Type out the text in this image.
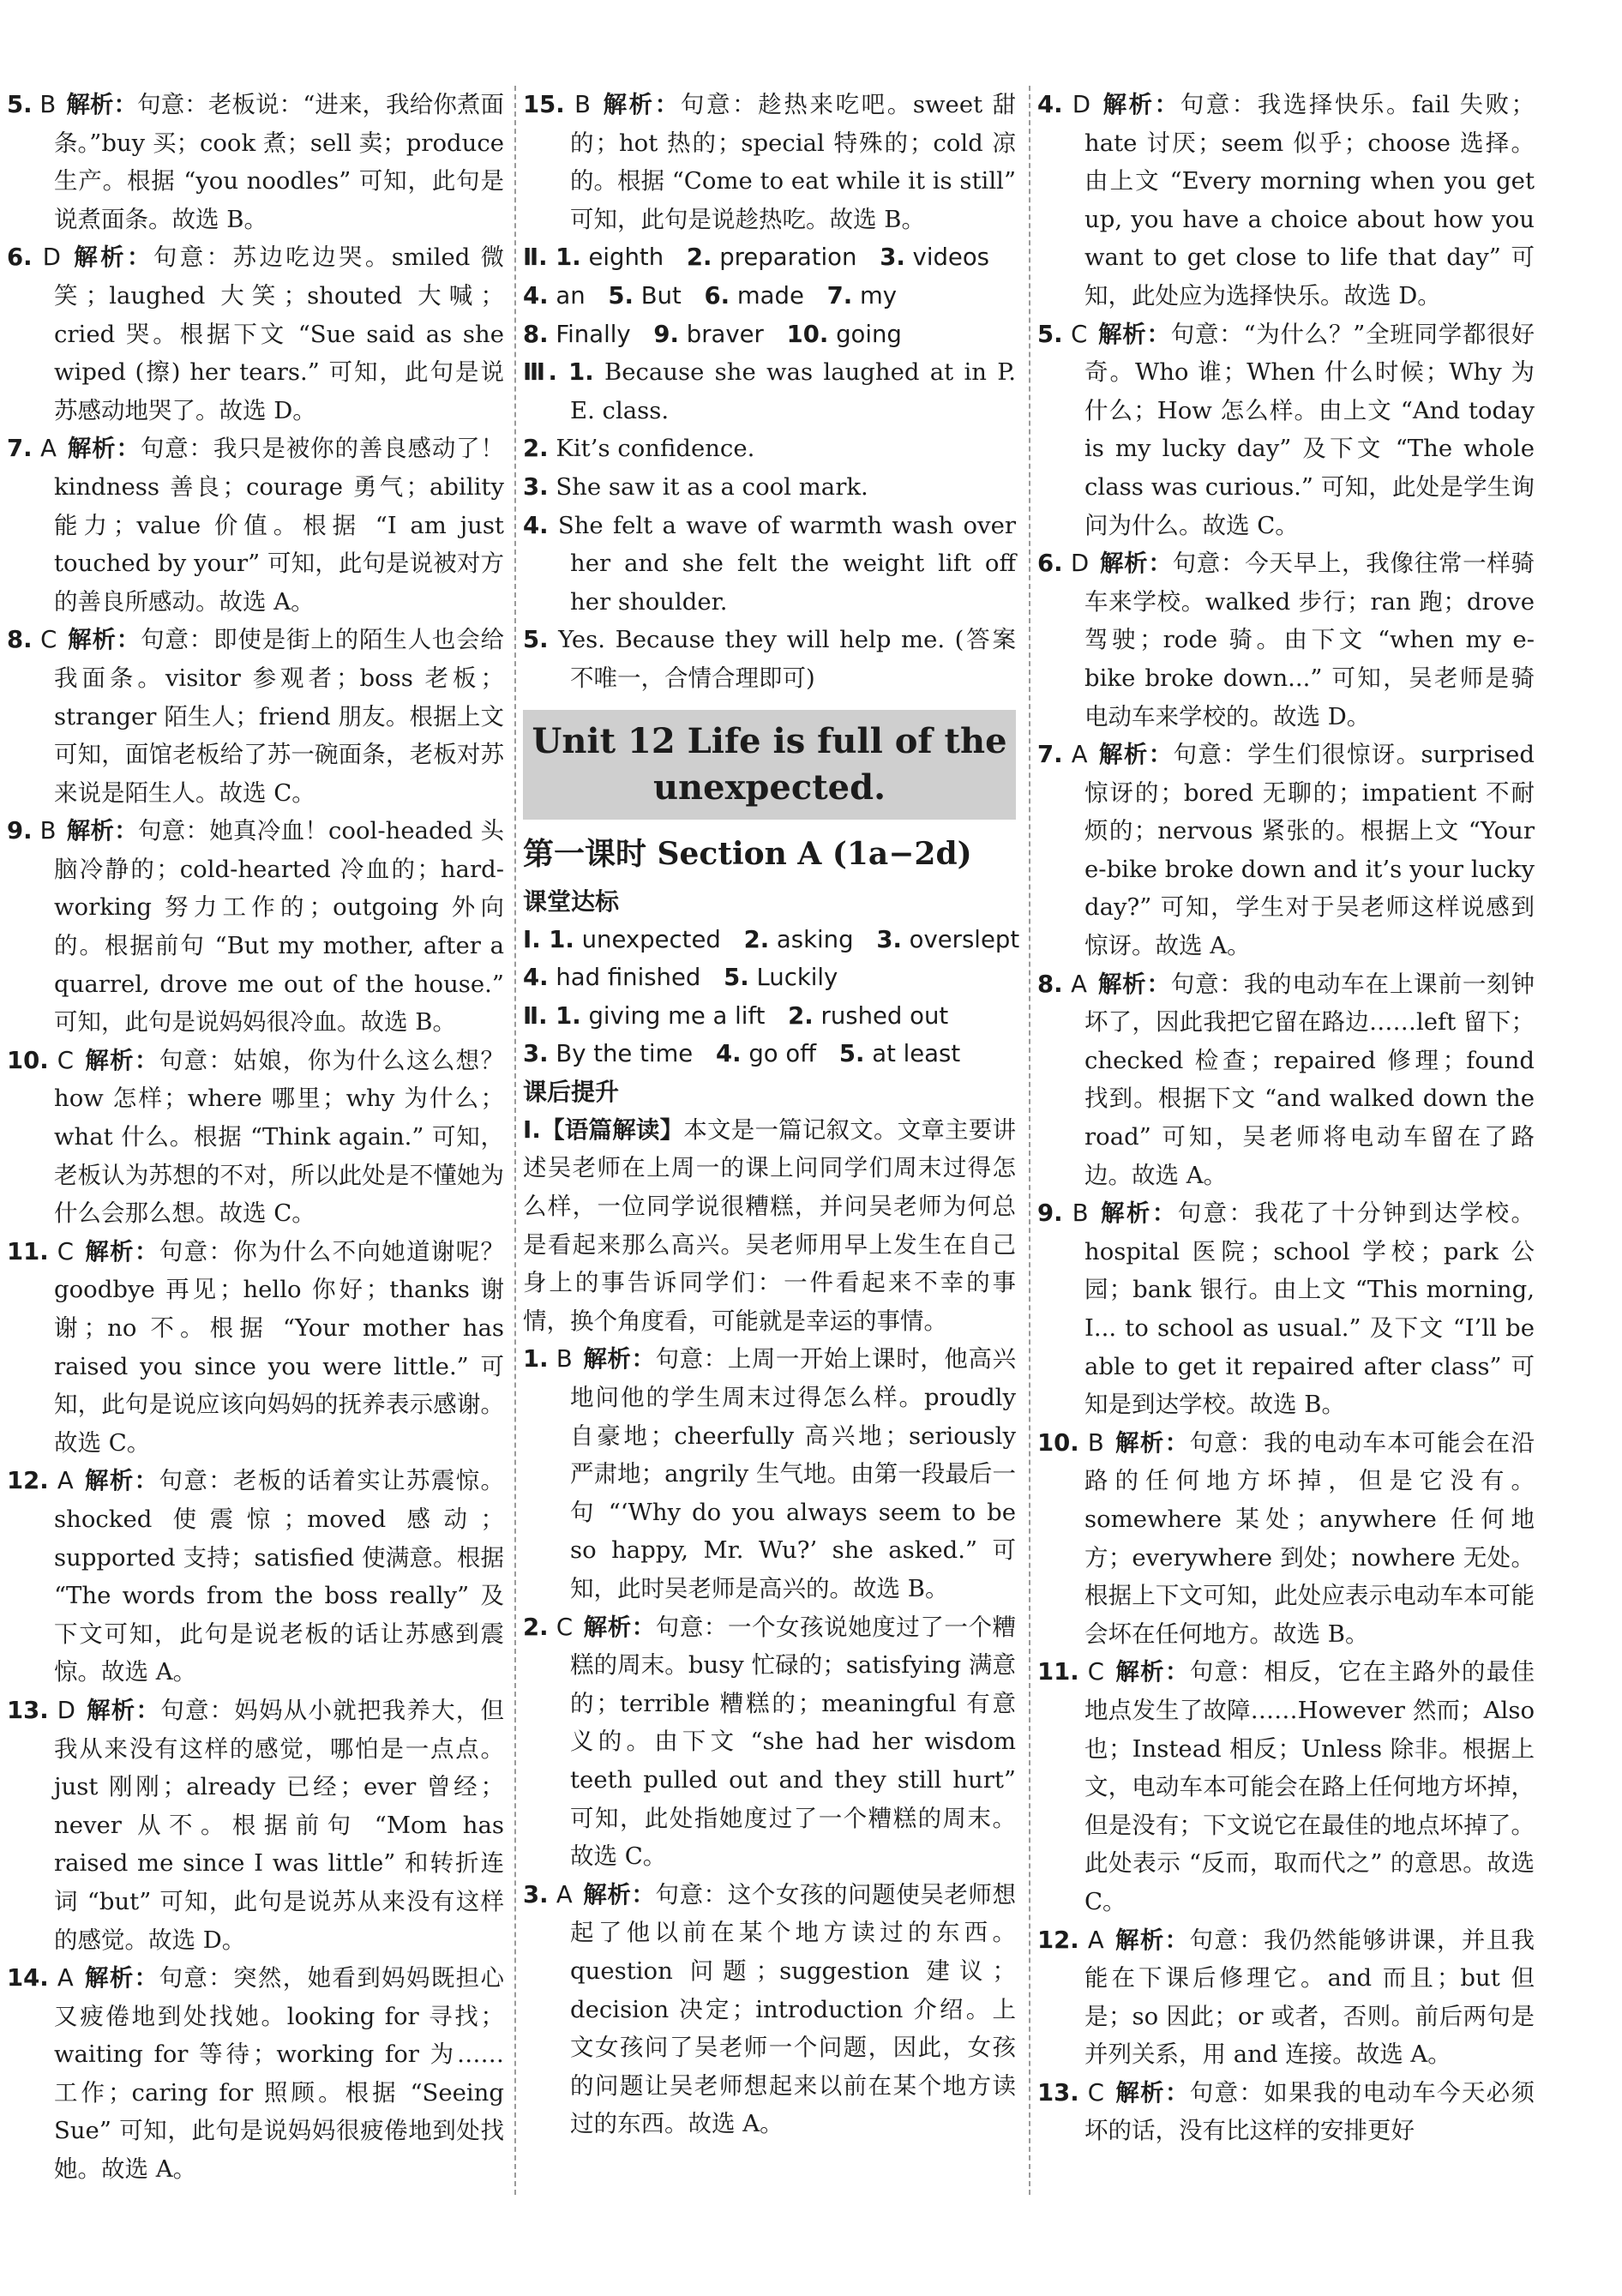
5. B 解析：句意：老板说：“进来，我给你煮面条。”buy 买；cook 煮；sell 卖；produce 生产。根据 “you noodles” 可知，此句是说煮面条。故选 B。

6. D 解析：句意：苏边吃边哭。smiled 微笑；laughed 大笑；shouted 大喊；cried 哭。根据下文 “Sue said as she wiped (擦) her tears.” 可知，此句是说苏感动地哭了。故选 D。

7. A 解析：句意：我只是被你的善良感动了！kindness 善良；courage 勇气；ability 能力；value 价值。根据 “I am just touched by your” 可知，此句是说被对方的善良所感动。故选 A。

8. C 解析：句意：即使是街上的陌生人也会给我面条。visitor 参观者；boss 老板；stranger 陌生人；friend 朋友。根据上文可知，面馆老板给了苏一碗面条，老板对苏来说是陌生人。故选 C。

9. B 解析：句意：她真冷血！cool-headed 头脑冷静的；cold-hearted 冷血的；hard-working 努力工作的；outgoing 外向的。根据前句 “But my mother, after a quarrel, drove me out of the house.” 可知，此句是说妈妈很冷血。故选 B。

10. C 解析：句意：姑娘，你为什么这么想？how 怎样；where 哪里；why 为什么；what 什么。根据 “Think again.” 可知，老板认为苏想的不对，所以此处是不懂她为什么会那么想。故选 C。

11. C 解析：句意：你为什么不向她道谢呢？goodbye 再见；hello 你好；thanks 谢谢；no 不。根据 “Your mother has raised you since you were little.” 可知，此句是说应该向妈妈的抚养表示感谢。故选 C。

12. A 解析：句意：老板的话着实让苏震惊。shocked 使震惊；moved 感动；supported 支持；satisfied 使满意。根据 “The words from the boss really” 及下文可知，此句是说老板的话让苏感到震惊。故选 A。

13. D 解析：句意：妈妈从小就把我养大，但我从来没有这样的感觉，哪怕是一点点。just 刚刚；already 已经；ever 曾经；never 从不。根据前句 “Mom has raised me since I was little” 和转折连词 “but” 可知，此句是说苏从来没有这样的感觉。故选 D。

14. A 解析：句意：突然，她看到妈妈既担心又疲倦地到处找她。looking for 寻找；waiting for 等待；working for 为……工作；caring for 照顾。根据 “Seeing Sue” 可知，此句是说妈妈很疲倦地到处找她。故选 A。

15. B 解析：句意：趁热来吃吧。sweet 甜的；hot 热的；special 特殊的；cold 凉的。根据 “Come to eat while it is still” 可知，此句是说趁热吃。故选 B。

Ⅱ. 1. eighth 2. preparation 3. videos
4. an 5. But 6. made 7. my
8. Finally 9. braver 10. going

Ⅲ. 1. Because she was laughed at in P. E. class.

2. Kit’s confidence.

3. She saw it as a cool mark.

4. She felt a wave of warmth wash over her and she felt the weight lift off her shoulder.

5. Yes. Because they will help me. (答案不唯一，合情合理即可)

Unit 12 Life is full of the
unexpected.
第一课时 Section A (1a−2d)
课堂达标
Ⅰ. 1. unexpected 2. asking 3. overslept
4. had finished 5. Luckily
Ⅱ. 1. giving me a lift 2. rushed out
3. By the time 4. go off 5. at least
课后提升

Ⅰ.【语篇解读】本文是一篇记叙文。文章主要讲述吴老师在上周一的课上问同学们周末过得怎么样，一位同学说很糟糕，并问吴老师为何总是看起来那么高兴。吴老师用早上发生在自己身上的事告诉同学们：一件看起来不幸的事情，换个角度看，可能就是幸运的事情。

1. B 解析：句意：上周一开始上课时，他高兴地问他的学生周末过得怎么样。proudly 自豪地；cheerfully 高兴地；seriously 严肃地；angrily 生气地。由第一段最后一句 “‘Why do you always seem to be so happy, Mr. Wu?’ she asked.” 可知，此时吴老师是高兴的。故选 B。

2. C 解析：句意：一个女孩说她度过了一个糟糕的周末。busy 忙碌的；satisfying 满意的；terrible 糟糕的；meaningful 有意义的。由下文 “she had her wisdom teeth pulled out and they still hurt” 可知，此处指她度过了一个糟糕的周末。故选 C。

3. A 解析：句意：这个女孩的问题使吴老师想起了他以前在某个地方读过的东西。question 问题；suggestion 建议；decision 决定；introduction 介绍。上文女孩问了吴老师一个问题，因此，女孩的问题让吴老师想起来以前在某个地方读过的东西。故选 A。

4. D 解析：句意：我选择快乐。fail 失败；hate 讨厌；seem 似乎；choose 选择。由上文 “Every morning when you get up, you have a choice about how you want to get close to life that day” 可知，此处应为选择快乐。故选 D。

5. C 解析：句意：“为什么？”全班同学都很好奇。Who 谁；When 什么时候；Why 为什么；How 怎么样。由上文 “And today is my lucky day” 及下文 “The whole class was curious.” 可知，此处是学生询问为什么。故选 C。

6. D 解析：句意：今天早上，我像往常一样骑车来学校。walked 步行；ran 跑；drove 驾驶；rode 骑。由下文 “when my e-bike broke down...” 可知，吴老师是骑电动车来学校的。故选 D。

7. A 解析：句意：学生们很惊讶。surprised 惊讶的；bored 无聊的；impatient 不耐烦的；nervous 紧张的。根据上文 “Your e-bike broke down and it’s your lucky day?” 可知，学生对于吴老师这样说感到惊讶。故选 A。

8. A 解析：句意：我的电动车在上课前一刻钟坏了，因此我把它留在路边……left 留下；checked 检查；repaired 修理；found 找到。根据下文 “and walked down the road” 可知，吴老师将电动车留在了路边。故选 A。

9. B 解析：句意：我花了十分钟到达学校。hospital 医院；school 学校；park 公园；bank 银行。由上文 “This morning, I... to school as usual.” 及下文 “I’ll be able to get it repaired after class” 可知是到达学校。故选 B。

10. B 解析：句意：我的电动车本可能会在沿路的任何地方坏掉，但是它没有。somewhere 某处；anywhere 任何地方；everywhere 到处；nowhere 无处。根据上下文可知，此处应表示电动车本可能会坏在任何地方。故选 B。

11. C 解析：句意：相反，它在主路外的最佳地点发生了故障……However 然而；Also 也；Instead 相反；Unless 除非。根据上文，电动车本可能会在路上任何地方坏掉，但是没有；下文说它在最佳的地点坏掉了。此处表示 “反而，取而代之” 的意思。故选 C。

12. A 解析：句意：我仍然能够讲课，并且我能在下课后修理它。and 而且；but 但是；so 因此；or 或者，否则。前后两句是并列关系，用 and 连接。故选 A。

13. C 解析：句意：如果我的电动车今天必须坏的话，没有比这样的安排更好
